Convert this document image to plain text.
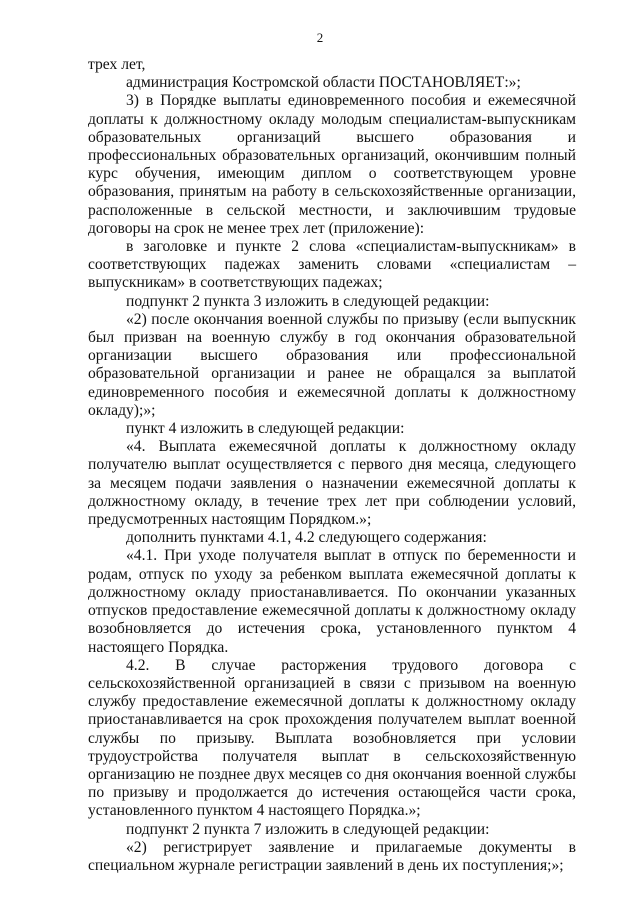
2

трех лет,

администрация Костромской области ПОСТАНОВЛЯЕТ:»;

3) в Порядке выплаты единовременного пособия и ежемесячной доплаты к должностному окладу молодым специалистам-выпускникам образовательных организаций высшего образования и профессиональных образовательных организаций, окончившим полный курс обучения, имеющим диплом о соответствующем уровне образования, принятым на работу в сельскохозяйственные организации, расположенные в сельской местности, и заключившим трудовые договоры на срок не менее трех лет (приложение):

в заголовке и пункте 2 слова «специалистам-выпускникам» в соответствующих падежах заменить словами «специалистам – выпускникам» в соответствующих падежах;

подпункт 2 пункта 3 изложить в следующей редакции:

«2) после окончания военной службы по призыву (если выпускник был призван на военную службу в год окончания образовательной организации высшего образования или профессиональной образовательной организации и ранее не обращался за выплатой единовременного пособия и ежемесячной доплаты к должностному окладу);»;

пункт 4 изложить в следующей редакции:

«4. Выплата ежемесячной доплаты к должностному окладу получателю выплат осуществляется с первого дня месяца, следующего за месяцем подачи заявления о назначении ежемесячной доплаты к должностному окладу, в течение трех лет при соблюдении условий, предусмотренных настоящим Порядком.»;

дополнить пунктами 4.1, 4.2 следующего содержания:

«4.1. При уходе получателя выплат в отпуск по беременности и родам, отпуск по уходу за ребенком выплата ежемесячной доплаты к должностному окладу приостанавливается. По окончании указанных отпусков предоставление ежемесячной доплаты к должностному окладу возобновляется до истечения срока, установленного пунктом 4 настоящего Порядка.

4.2. В случае расторжения трудового договора с сельскохозяйственной организацией в связи с призывом на военную службу предоставление ежемесячной доплаты к должностному окладу приостанавливается на срок прохождения получателем выплат военной службы по призыву. Выплата возобновляется при условии трудоустройства получателя выплат в сельскохозяйственную организацию не позднее двух месяцев со дня окончания военной службы по призыву и продолжается до истечения остающейся части срока, установленного пунктом 4 настоящего Порядка.»;

подпункт 2 пункта 7 изложить в следующей редакции:

«2) регистрирует заявление и прилагаемые документы в специальном журнале регистрации заявлений в день их поступления;»;
